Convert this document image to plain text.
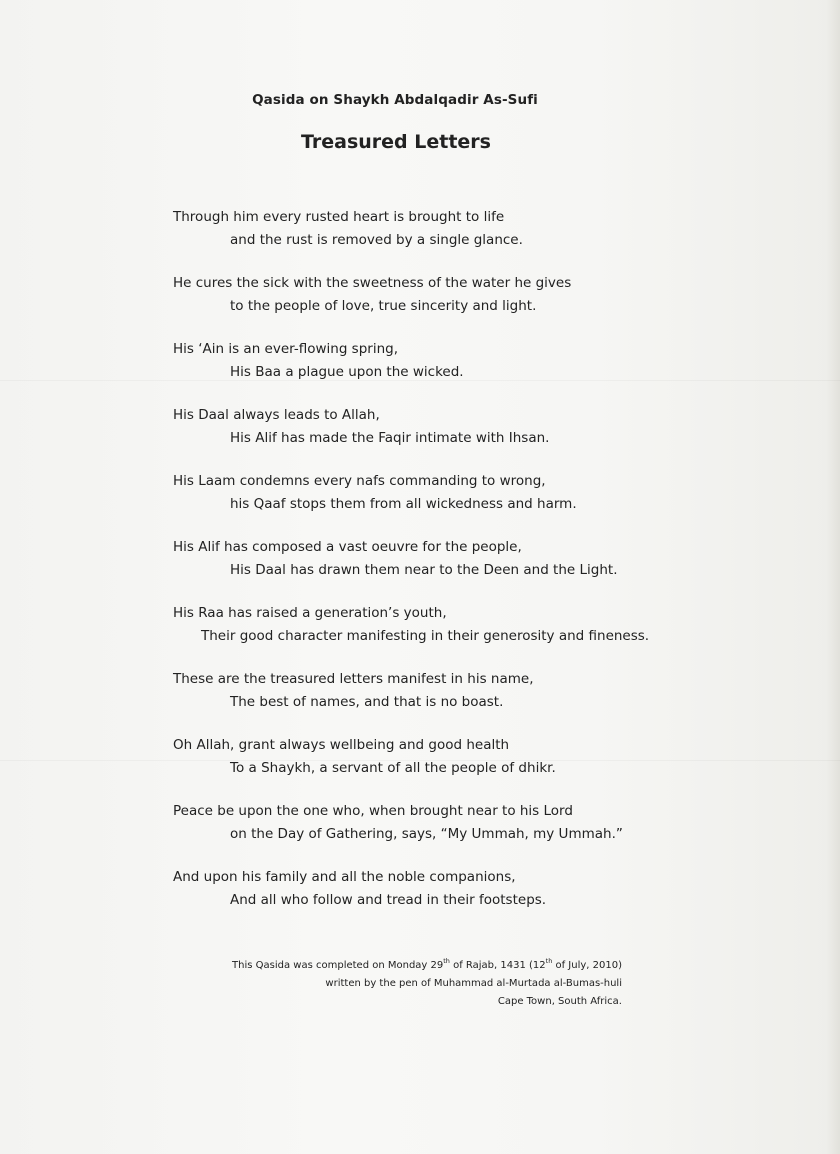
Qasida on Shaykh Abdalqadir As-Sufi
Treasured Letters
Through him every rusted heart is brought to life
and the rust is removed by a single glance.
He cures the sick with the sweetness of the water he gives
to the people of love, true sincerity and light.
His ‘Ain is an ever-flowing spring,
His Baa a plague upon the wicked.
His Daal always leads to Allah,
His Alif has made the Faqir intimate with Ihsan.
His Laam condemns every nafs commanding to wrong,
his Qaaf stops them from all wickedness and harm.
His Alif has composed a vast oeuvre for the people,
His Daal has drawn them near to the Deen and the Light.
His Raa has raised a generation’s youth,
Their good character manifesting in their generosity and fineness.
These are the treasured letters manifest in his name,
The best of names, and that is no boast.
Oh Allah, grant always wellbeing and good health
To a Shaykh, a servant of all the people of dhikr.
Peace be upon the one who, when brought near to his Lord
on the Day of Gathering, says, “My Ummah, my Ummah.”
And upon his family and all the noble companions,
And all who follow and tread in their footsteps.
This Qasida was completed on Monday 29th of Rajab, 1431 (12th of July, 2010)
written by the pen of Muhammad al-Murtada al-Bumas-huli
Cape Town, South Africa.
